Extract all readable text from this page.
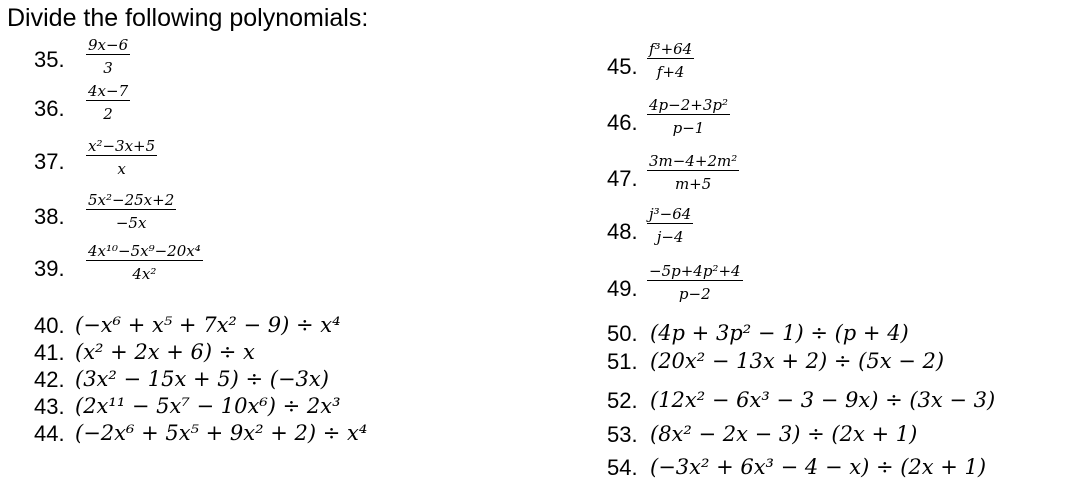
Divide the following polynomials:
35. $\frac{9x-6}{3}$
36. $\frac{4x-7}{2}$
37. $\frac{\text{x²−3x+5}}{x}$
38. $\frac{\text{5x²−25x+2}}{-5x}$
39. $\frac{\text{4x¹⁰−5x⁹−20x⁴}}{\text{4x²}}$
40. (−x⁶ + x⁵ + 7x² − 9) ÷ x⁴
41. (x² + 2x + 6) ÷ x
42. (3x² − 15x + 5) ÷ (−3x)
43. (2x¹¹ − 5x⁷ − 10x⁶) ÷ 2x³
44. (−2x⁶ + 5x⁵ + 9x² + 2) ÷ x⁴
45. $\frac{\text{f³+64}}{f+4}$
46. $\frac{\text{4p−2+3p²}}{p-1}$
47. $\frac{\text{3m−4+2m²}}{m+5}$
48. $\frac{\text{j³−64}}{j-4}$
49. $\frac{\text{−5p+4p²+4}}{p-2}$
50. (4p + 3p² − 1) ÷ (p + 4)
51. (20x² − 13x + 2) ÷ (5x − 2)
52. (12x² − 6x³ − 3 − 9x) ÷ (3x − 3)
53. (8x² − 2x − 3) ÷ (2x + 1)
54. (−3x² + 6x³ − 4 − x) ÷ (2x + 1)
